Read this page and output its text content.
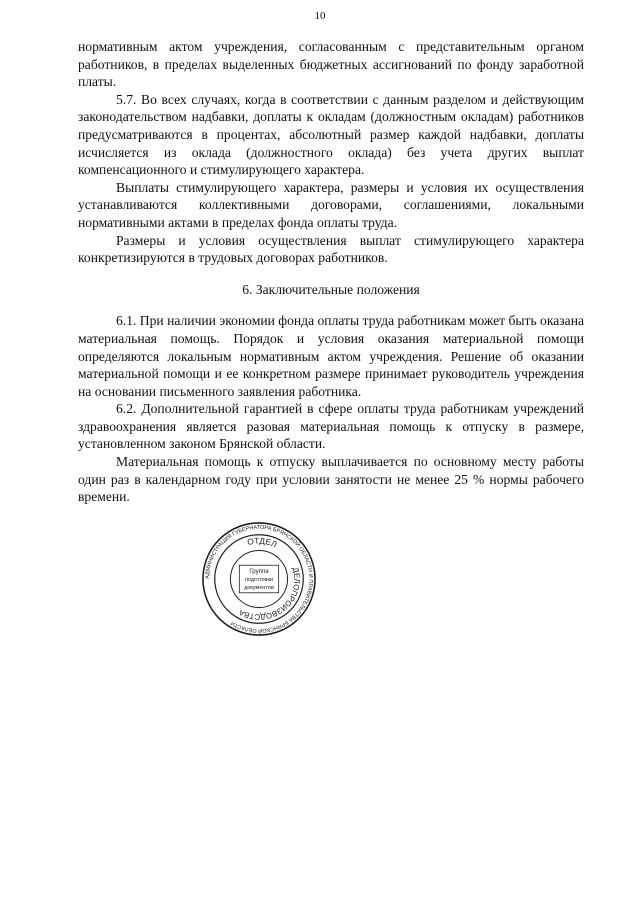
10

нормативным актом учреждения, согласованным с представительным органом работников, в пределах выделенных бюджетных ассигнований по фонду заработной платы.

5.7. Во всех случаях, когда в соответствии с данным разделом и действующим законодательством надбавки, доплаты к окладам (должностным окладам) работников предусматриваются в процентах, абсолютный размер каждой надбавки, доплаты исчисляется из оклада (должностного оклада) без учета других выплат компенсационного и стимулирующего характера.

Выплаты стимулирующего характера, размеры и условия их осуществления устанавливаются коллективными договорами, соглашениями, локальными нормативными актами в пределах фонда оплаты труда.

Размеры и условия осуществления выплат стимулирующего характера конкретизируются в трудовых договорах работников.

6. Заключительные положения

6.1. При наличии экономии фонда оплаты труда работникам может быть оказана материальная помощь. Порядок и условия оказания материальной помощи определяются локальным нормативным актом учреждения. Решение об оказании материальной помощи и ее конкретном размере принимает руководитель учреждения на основании письменного заявления работника.

6.2. Дополнительной гарантией в сфере оплаты труда работникам учреждений здравоохранения является разовая материальная помощь к отпуску в размере, установленном законом Брянской области.

Материальная помощь к отпуску выплачивается по основному месту работы один раз в календарном году при условии занятости не менее 25 % нормы рабочего времени.

АДМИНИСТРАЦИЯ ГУБЕРНАТОРА БРЯНСКОЙ ОБЛАСТИ И ПРАВИТЕЛЬСТВА БРЯНСКОЙ ОБЛАСТИ
ОТДЕЛ
ДЕЛОПРОИЗВОДСТВА
Группа
подготовки
документов
